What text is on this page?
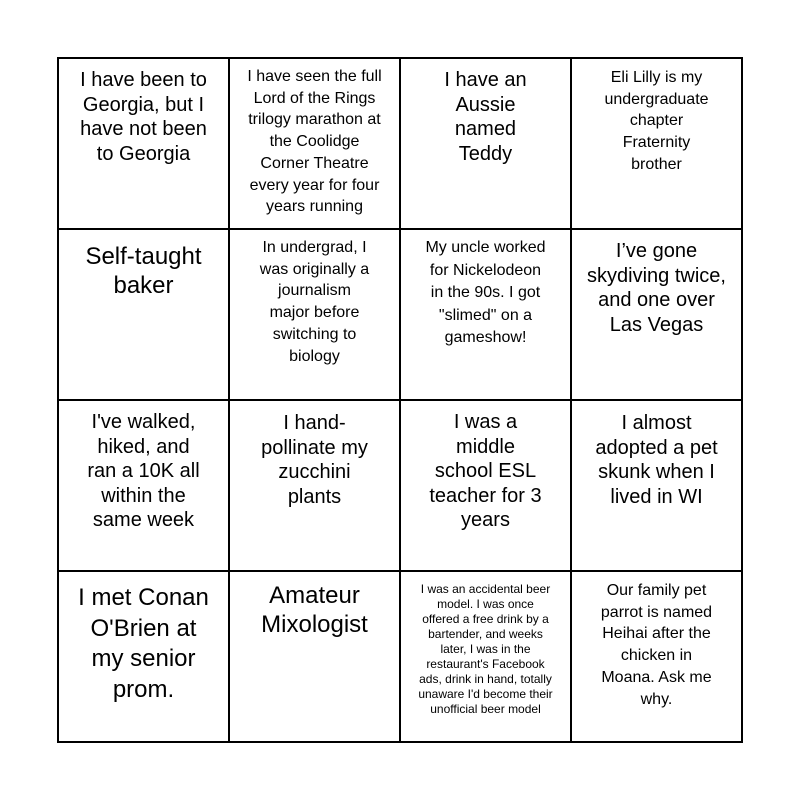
I have been to
Georgia, but I
have not been
to Georgia
I have seen the full
Lord of the Rings
trilogy marathon at
the Coolidge
Corner Theatre
every year for four
years running
I have an
Aussie
named
Teddy
Eli Lilly is my
undergraduate
chapter
Fraternity
brother
Self-taught
baker
In undergrad, I
was originally a
journalism
major before
switching to
biology
My uncle worked
for Nickelodeon
in the 90s. I got
"slimed" on a
gameshow!
I’ve gone
skydiving twice,
and one over
Las Vegas
I've walked,
hiked, and
ran a 10K all
within the
same week
I hand-
pollinate my
zucchini
plants
I was a
middle
school ESL
teacher for 3
years
I almost
adopted a pet
skunk when I
lived in WI
I met Conan
O'Brien at
my senior
prom.
Amateur
Mixologist
I was an accidental beer
model. I was once
offered a free drink by a
bartender, and weeks
later, I was in the
restaurant's Facebook
ads, drink in hand, totally
unaware I'd become their
unofficial beer model
Our family pet
parrot is named
Heihai after the
chicken in
Moana. Ask me
why.
